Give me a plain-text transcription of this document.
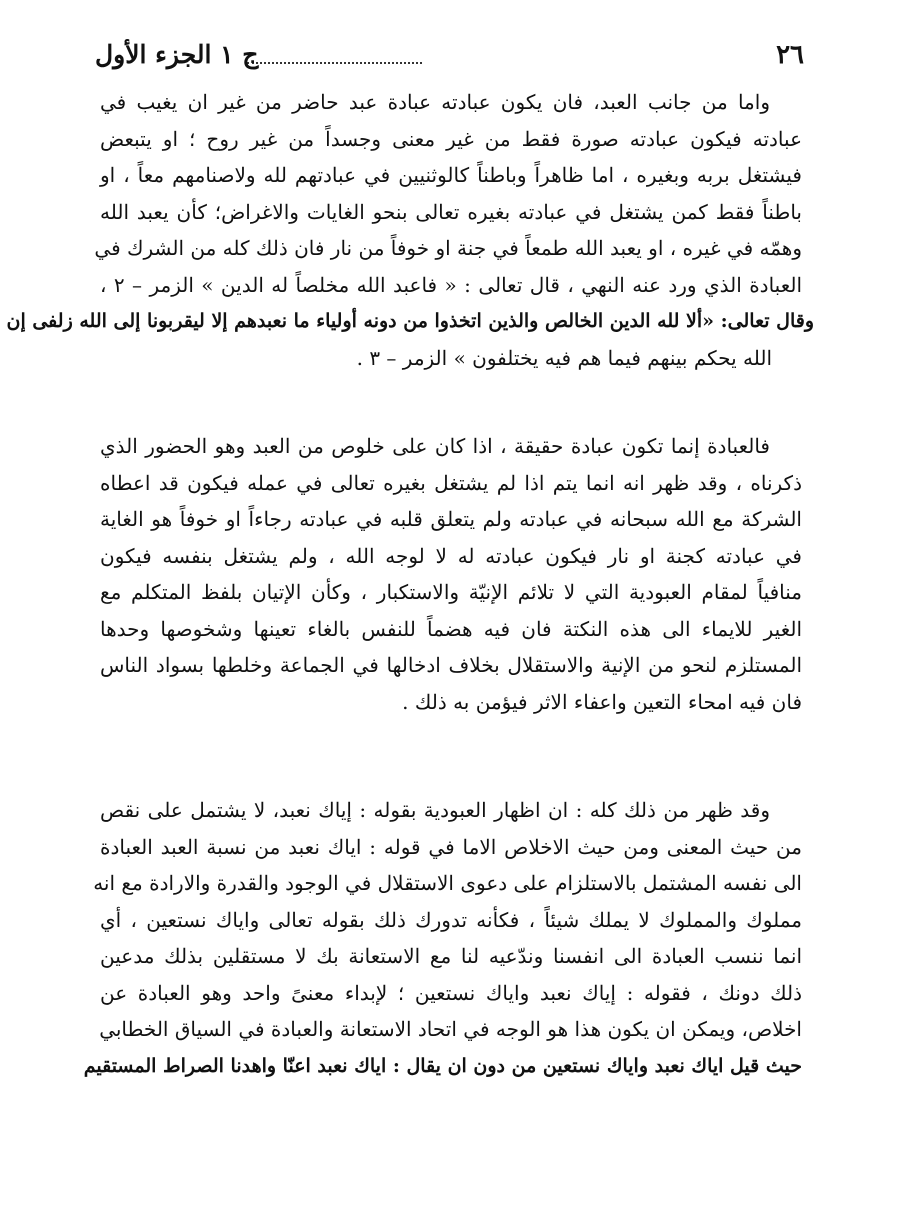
٢٦
ج ١ الجزء الأول
واما من جانب العبد، فان يكون عبادته عبادة عبد حاضر من غير ان يغيب في
عبادته فيكون عبادته صورة فقط من غير معنى وجسداً من غير روح ؛ او يتبعض
فيشتغل بربه وبغيره ، اما ظاهراً وباطناً كالوثنيين في عبادتهم لله ولاصنامهم معاً ، او
باطناً فقط كمن يشتغل في عبادته بغيره تعالى بنحو الغايات والاغراض؛ كأن يعبد الله
وهمّه في غيره ، او يعبد الله طمعاً في جنة او خوفاً من نار فان ذلك كله من الشرك في
العبادة الذي ورد عنه النهي ، قال تعالى : « فاعبد الله مخلصاً له الدين » الزمر – ٢ ،
وقال تعالى: «ألا لله الدين الخالص والذين اتخذوا من دونه أولياء ما نعبدهم إلا ليقربونا إلى الله زلفى إن
الله يحكم بينهم فيما هم فيه يختلفون » الزمر – ٣ .
فالعبادة إنما تكون عبادة حقيقة ، اذا كان على خلوص من العبد وهو الحضور الذي
ذكرناه ، وقد ظهر انه انما يتم اذا لم يشتغل بغيره تعالى في عمله فيكون قد اعطاه
الشركة مع الله سبحانه في عبادته ولم يتعلق قلبه في عبادته رجاءاً او خوفاً هو الغاية
في عبادته كجنة او نار فيكون عبادته له لا لوجه الله ، ولم يشتغل بنفسه فيكون
منافياً لمقام العبودية التي لا تلائم الإنيّة والاستكبار ، وكأن الإتيان بلفظ المتكلم مع
الغير للايماء الى هذه النكتة فان فيه هضماً للنفس بالغاء تعينها وشخوصها وحدها
المستلزم لنحو من الإنية والاستقلال بخلاف ادخالها في الجماعة وخلطها بسواد الناس
فان فيه امحاء التعين واعفاء الاثر فيؤمن به ذلك .
وقد ظهر من ذلك كله : ان اظهار العبودية بقوله : إياك نعبد، لا يشتمل على نقص
من حيث المعنى ومن حيث الاخلاص الاما في قوله : اياك نعبد من نسبة العبد العبادة
الى نفسه المشتمل بالاستلزام على دعوى الاستقلال في الوجود والقدرة والارادة مع انه
مملوك والمملوك لا يملك شيئاً ، فكأنه تدورك ذلك بقوله تعالى واياك نستعين ، أي
انما ننسب العبادة الى انفسنا وندّعيه لنا مع الاستعانة بك لا مستقلين بذلك مدعين
ذلك دونك ، فقوله : إياك نعبد واياك نستعين ؛ لإبداء معنىً واحد وهو العبادة عن
اخلاص، ويمكن ان يكون هذا هو الوجه في اتحاد الاستعانة والعبادة في السياق الخطابي
حيث قيل اياك نعبد واياك نستعين من دون ان يقال : اياك نعبد اعنّا واهدنا الصراط المستقيم
